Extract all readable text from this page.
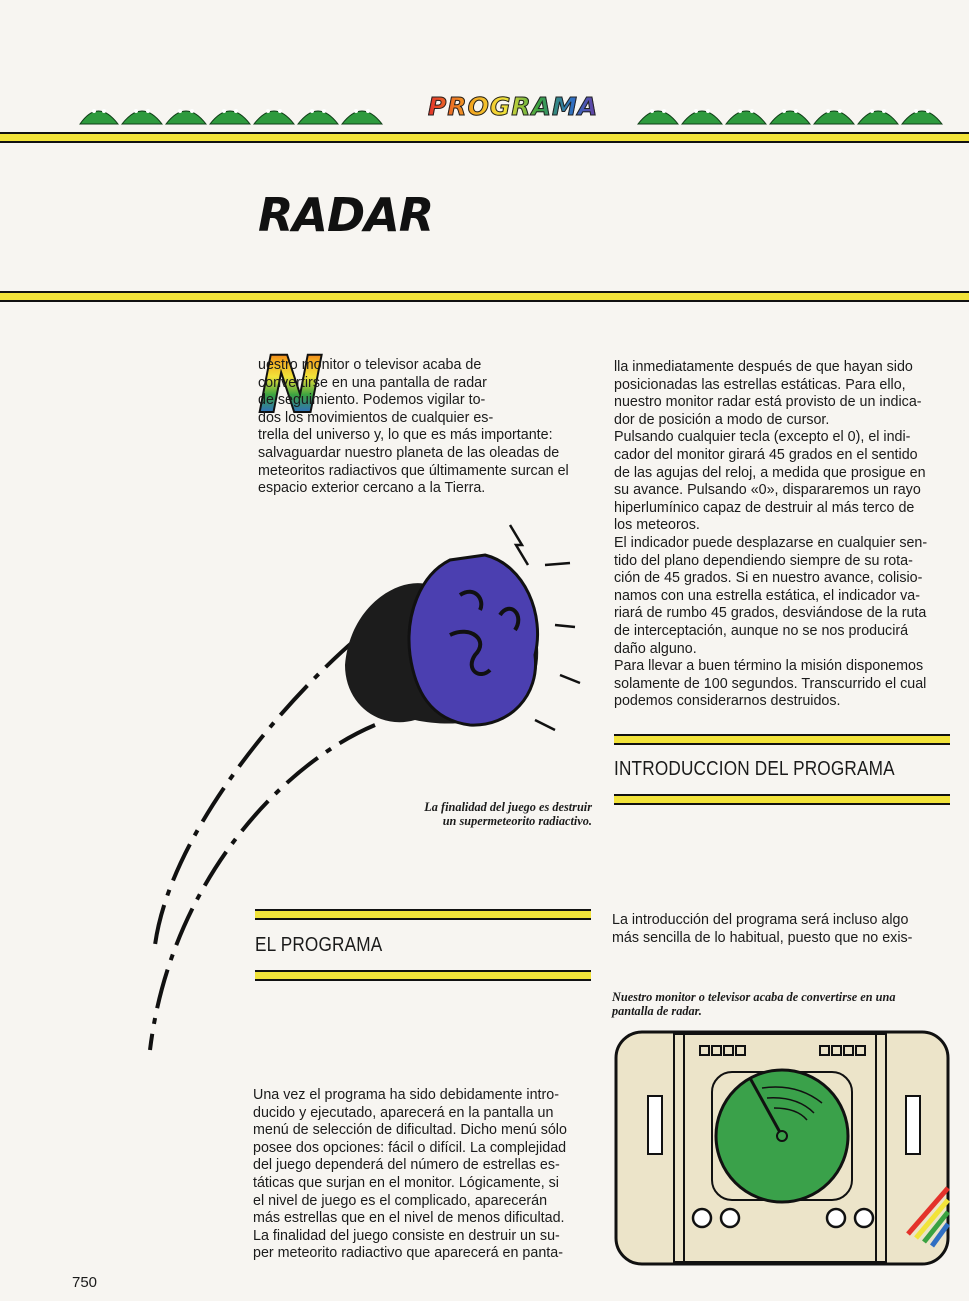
PROGRAMA
RADAR
N
uestro monitor o televisor acaba de
convertirse en una pantalla de radar
de seguimiento. Podemos vigilar to-
dos los movimientos de cualquier es-
trella del universo y, lo que es más importante:
salvaguardar nuestro planeta de las oleadas de
meteoritos radiactivos que últimamente surcan el
espacio exterior cercano a la Tierra.
La finalidad del juego es destruir
un supermeteorito radiactivo.
lla inmediatamente después de que hayan sido
posicionadas las estrellas estáticas. Para ello,
nuestro monitor radar está provisto de un indica-
dor de posición a modo de cursor.
Pulsando cualquier tecla (excepto el 0), el indi-
cador del monitor girará 45 grados en el sentido
de las agujas del reloj, a medida que prosigue en
su avance. Pulsando «0», dispararemos un rayo
hiperlumínico capaz de destruir al más terco de
los meteoros.
El indicador puede desplazarse en cualquier sen-
tido del plano dependiendo siempre de su rota-
ción de 45 grados. Si en nuestro avance, colisio-
namos con una estrella estática, el indicador va-
riará de rumbo 45 grados, desviándose de la ruta
de interceptación, aunque no se nos producirá
daño alguno.
Para llevar a buen término la misión disponemos
solamente de 100 segundos. Transcurrido el cual
podemos considerarnos destruidos.
INTRODUCCION DEL PROGRAMA
La introducción del programa será incluso algo
más sencilla de lo habitual, puesto que no exis-
Nuestro monitor o televisor acaba de convertirse en una
pantalla de radar.
EL PROGRAMA
Una vez el programa ha sido debidamente intro-
ducido y ejecutado, aparecerá en la pantalla un
menú de selección de dificultad. Dicho menú sólo
posee dos opciones: fácil o difícil. La complejidad
del juego dependerá del número de estrellas es-
táticas que surjan en el monitor. Lógicamente, si
el nivel de juego es el complicado, aparecerán
más estrellas que en el nivel de menos dificultad.
La finalidad del juego consiste en destruir un su-
per meteorito radiactivo que aparecerá en panta-
750
